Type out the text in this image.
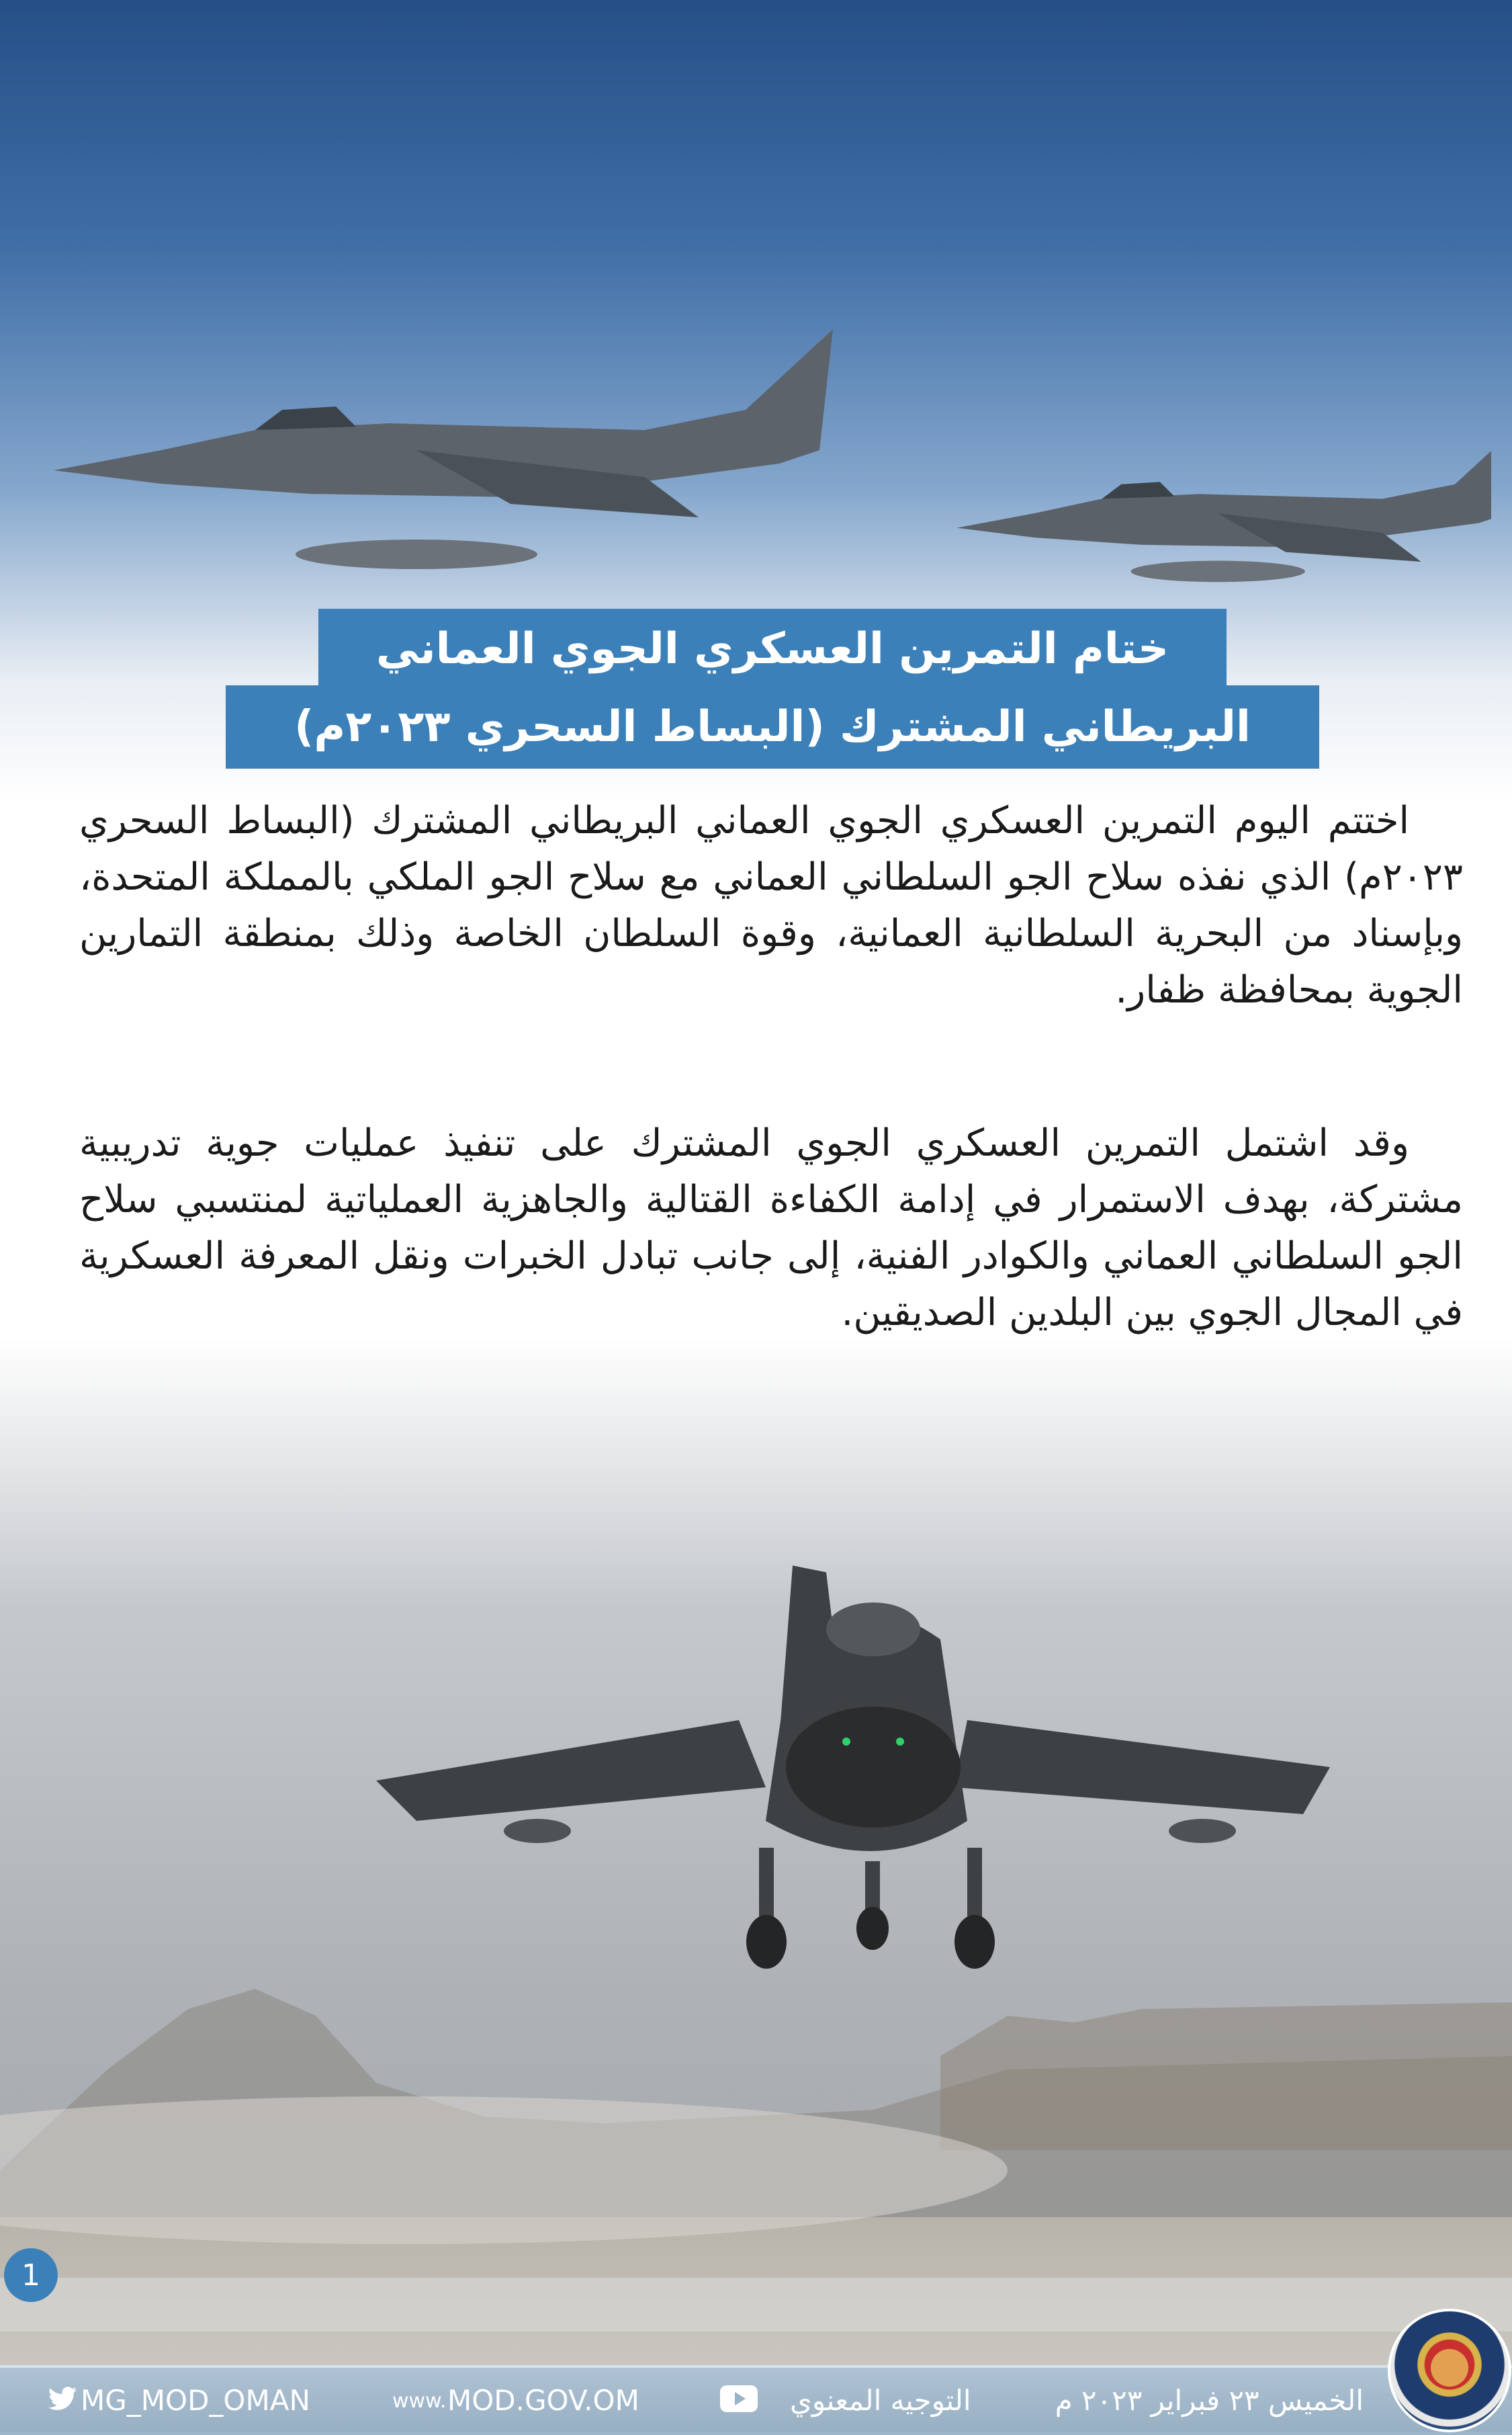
ختام التمرين العسكري الجوي العماني
البريطاني المشترك (البساط السحري ٢٠٢٣م)

اختتم اليوم التمرين العسكري الجوي العماني البريطاني المشترك (البساط السحري ٢٠٢٣م) الذي نفذه سلاح الجو السلطاني العماني مع سلاح الجو الملكي بالمملكة المتحدة، وبإسناد من البحرية السلطانية العمانية، وقوة السلطان الخاصة وذلك بمنطقة التمارين الجوية بمحافظة ظفار.

وقد اشتمل التمرين العسكري الجوي المشترك على تنفيذ عمليات جوية تدريبية مشتركة، بهدف الاستمرار في إدامة الكفاءة القتالية والجاهزية العملياتية لمنتسبي سلاح الجو السلطاني العماني والكوادر الفنية، إلى جانب تبادل الخبرات ونقل المعرفة العسكرية في المجال الجوي بين البلدين الصديقين.

1
MG_MOD_OMAN	www. MOD.GOV.OM	التوجيه المعنوي	الخميس ٢٣ فبراير ٢٠٢٣ م
